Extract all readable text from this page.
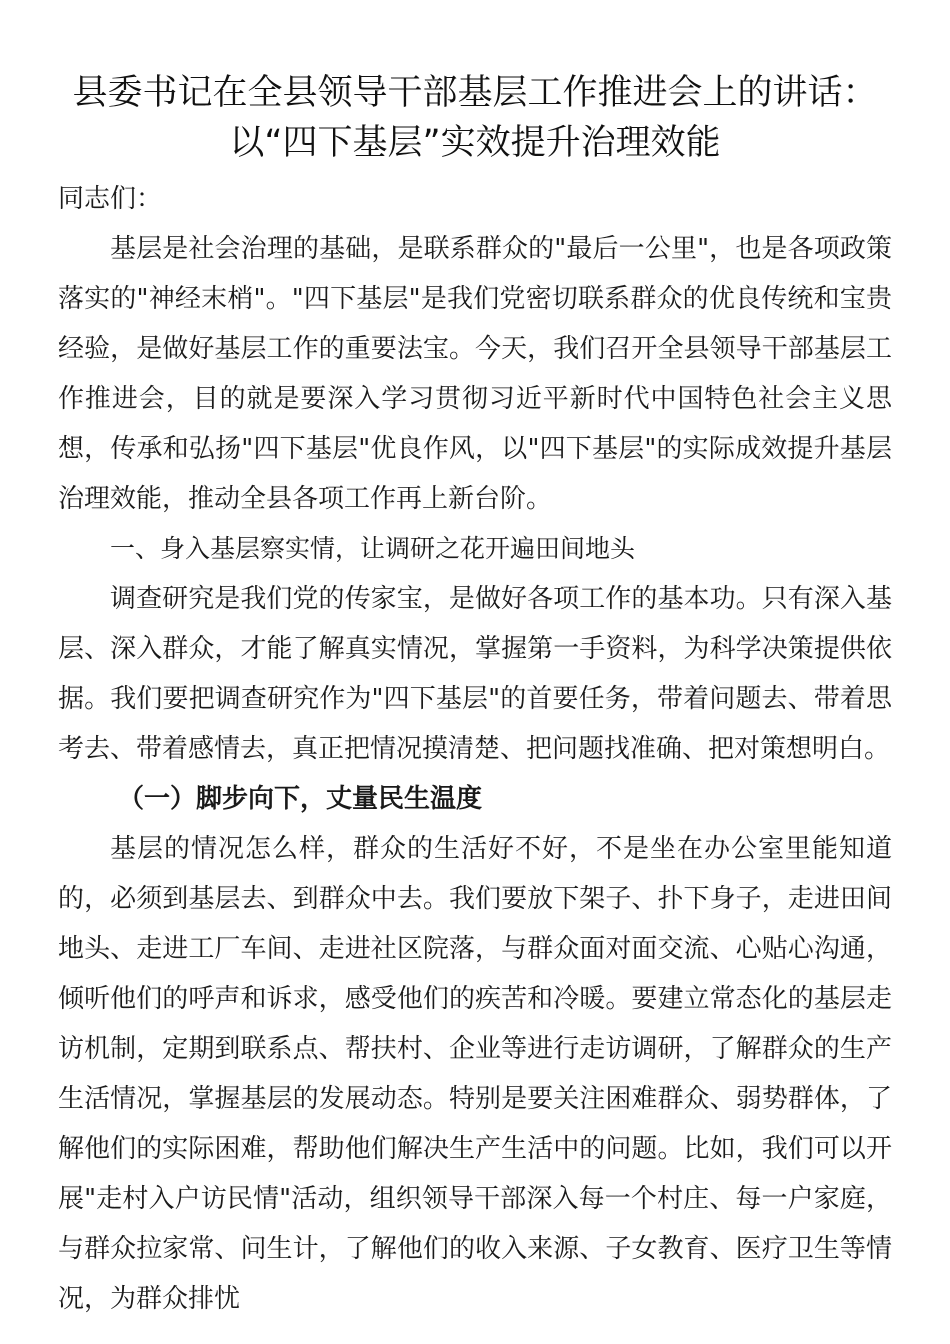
县委书记在全县领导干部基层工作推进会上的讲话：
以“四下基层”实效提升治理效能

同志们：

基层是社会治理的基础，是联系群众的"最后一公里"，也是各项政策落实的"神经末梢"。"四下基层"是我们党密切联系群众的优良传统和宝贵经验，是做好基层工作的重要法宝。今天，我们召开全县领导干部基层工作推进会，目的就是要深入学习贯彻习近平新时代中国特色社会主义思想，传承和弘扬"四下基层"优良作风，以"四下基层"的实际成效提升基层治理效能，推动全县各项工作再上新台阶。

一、身入基层察实情，让调研之花开遍田间地头

调查研究是我们党的传家宝，是做好各项工作的基本功。只有深入基层、深入群众，才能了解真实情况，掌握第一手资料，为科学决策提供依据。我们要把调查研究作为"四下基层"的首要任务，带着问题去、带着思考去、带着感情去，真正把情况摸清楚、把问题找准确、把对策想明白。

（一）脚步向下，丈量民生温度

基层的情况怎么样，群众的生活好不好，不是坐在办公室里能知道的，必须到基层去、到群众中去。我们要放下架子、扑下身子，走进田间地头、走进工厂车间、走进社区院落，与群众面对面交流、心贴心沟通，倾听他们的呼声和诉求，感受他们的疾苦和冷暖。要建立常态化的基层走访机制，定期到联系点、帮扶村、企业等进行走访调研，了解群众的生产生活情况，掌握基层的发展动态。特别是要关注困难群众、弱势群体，了解他们的实际困难，帮助他们解决生产生活中的问题。比如，我们可以开展"走村入户访民情"活动，组织领导干部深入每一个村庄、每一户家庭，与群众拉家常、问生计，了解他们的收入来源、子女教育、医疗卫生等情况，为群众排忧
